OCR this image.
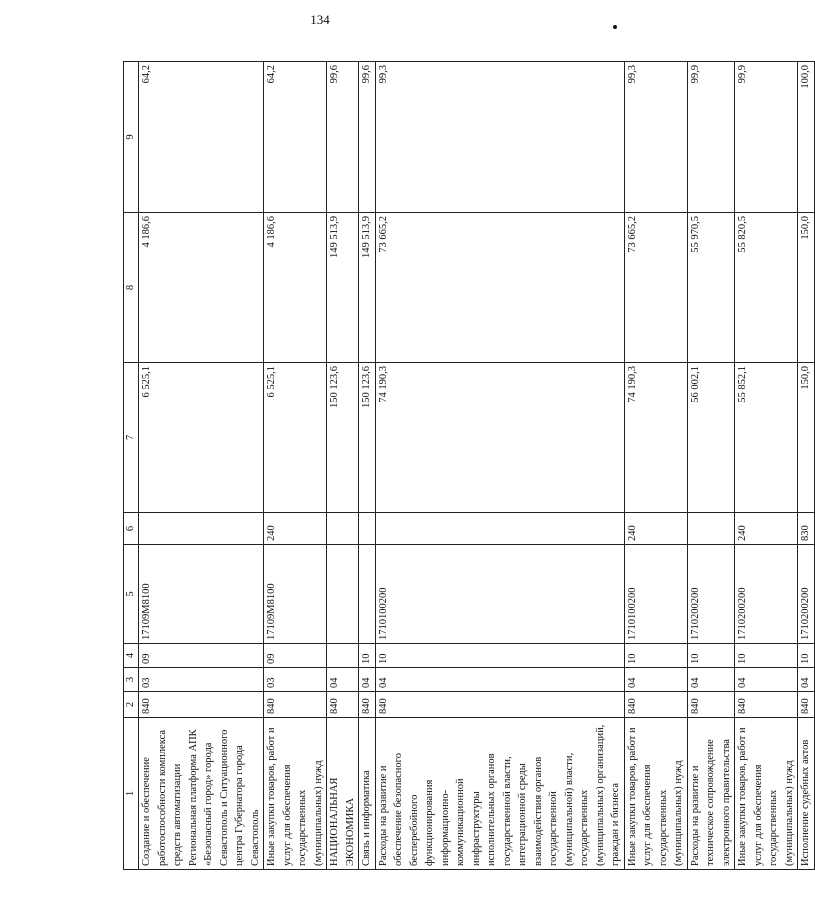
134
1	2	3	4	5	6	7	8	9
Создание и обеспечение работоспособности комплекса средств автоматизации Региональная платформа АПК «Безопасный город» города Севастополь и Ситуационного центра Губернатора города Севастополь	840	03	09	17109М8100		6 525,1	4 186,6	64,2
Иные закупки товаров, работ и услуг для обеспечения государственных (муниципальных) нужд	840	03	09	17109М8100	240	6 525,1	4 186,6	64,2
НАЦИОНАЛЬНАЯ ЭКОНОМИКА	840	04				150 123,6	149 513,9	99,6
Связь и информатика	840	04	10			150 123,6	149 513,9	99,6
Расходы на развитие и обеспечение безопасного бесперебойного функционирования информационно-коммуникационной инфраструктуры исполнительных органов государственной власти, интеграционной среды взаимодействия органов государственной (муниципальной) власти, государственных (муниципальных) организаций, граждан и бизнеса	840	04	10	1710100200		74 190,3	73 665,2	99,3
Иные закупки товаров, работ и услуг для обеспечения государственных (муниципальных) нужд	840	04	10	1710100200	240	74 190,3	73 665,2	99,3
Расходы на развитие и техническое сопровождение электронного правительства	840	04	10	1710200200		56 002,1	55 970,5	99,9
Иные закупки товаров, работ и услуг для обеспечения государственных (муниципальных) нужд	840	04	10	1710200200	240	55 852,1	55 820,5	99,9
Исполнение судебных актов	840	04	10	1710200200	830	150,0	150,0	100,0
